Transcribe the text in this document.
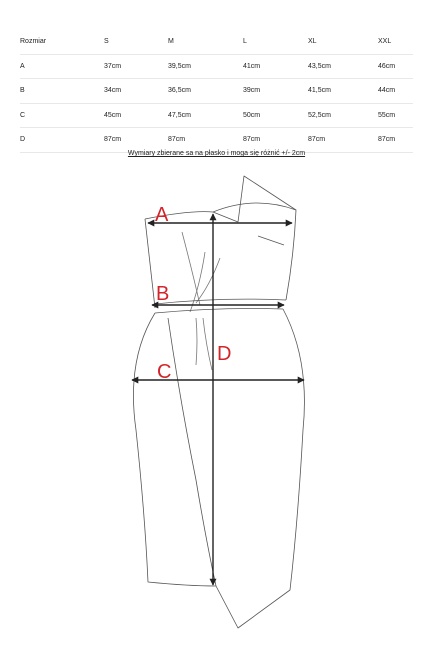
Rozmiar	S	M	L	XL	XXL
A	37cm	39,5cm	41cm	43,5cm	46cm
B	34cm	36,5cm	39cm	41,5cm	44cm
C	45cm	47,5cm	50cm	52,5cm	55cm
D	87cm	87cm	87cm	87cm	87cm
Wymiary zbierane sa na płasko i moga się różnić +/- 2cm
A
B
C
D
